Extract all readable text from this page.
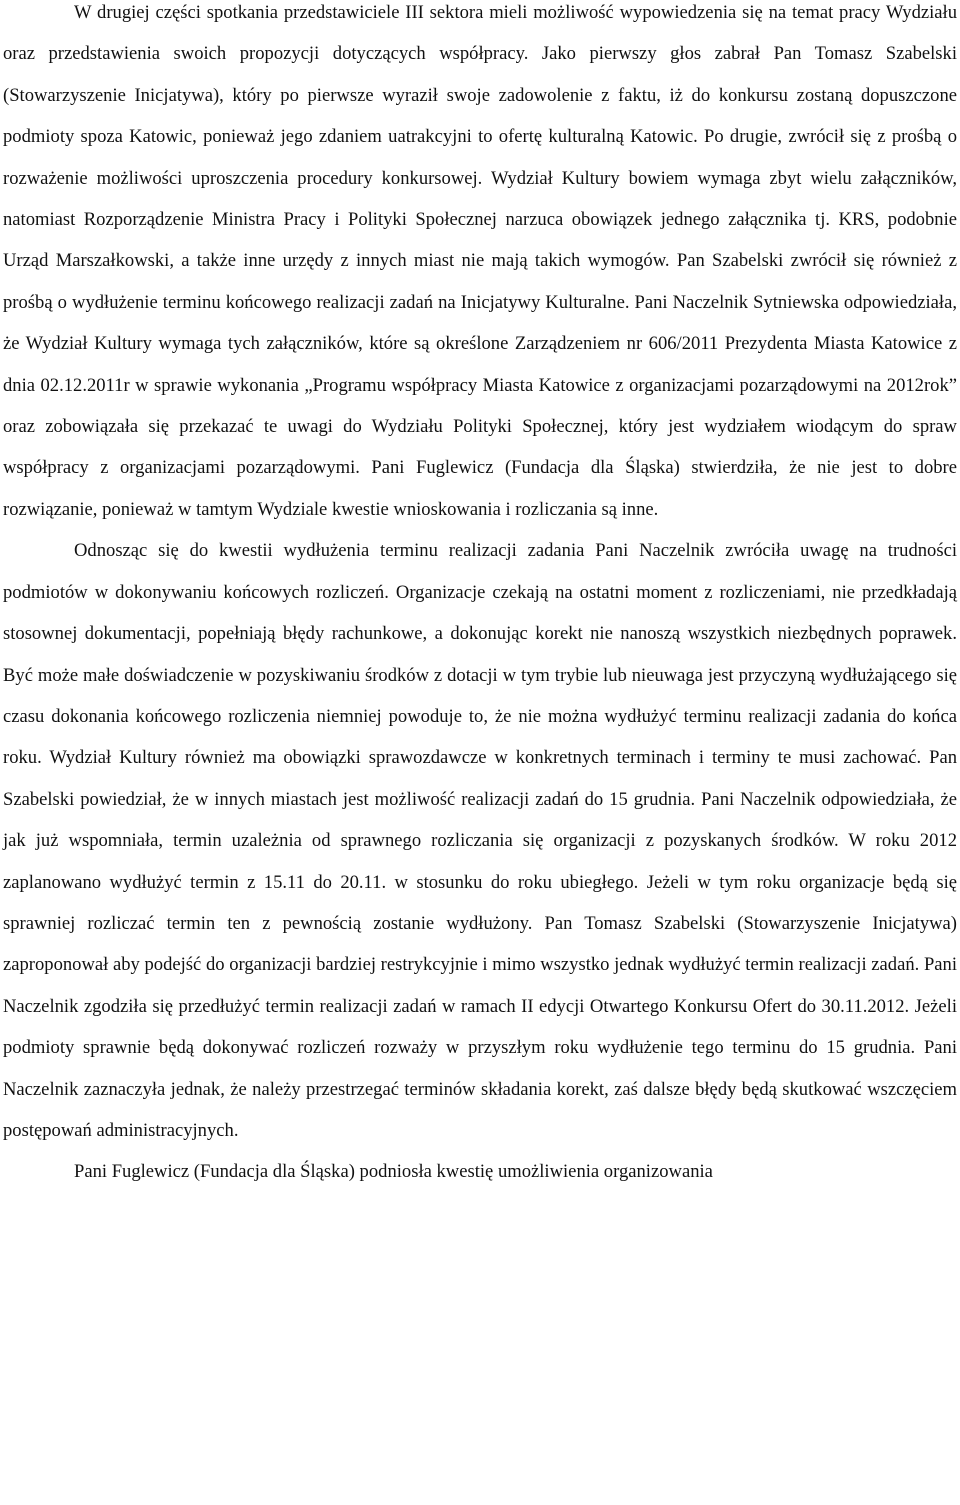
W drugiej części spotkania przedstawiciele III sektora mieli możliwość wypowiedzenia się na temat pracy Wydziału oraz przedstawienia swoich propozycji dotyczących współpracy. Jako pierwszy głos zabrał Pan Tomasz Szabelski (Stowarzyszenie Inicjatywa), który po pierwsze wyraził swoje zadowolenie z faktu, iż do konkursu zostaną dopuszczone podmioty spoza Katowic, ponieważ jego zdaniem uatrakcyjni to ofertę kulturalną Katowic. Po drugie, zwrócił się z prośbą o rozważenie możliwości uproszczenia procedury konkursowej. Wydział Kultury bowiem wymaga zbyt wielu załączników, natomiast Rozporządzenie Ministra Pracy i Polityki Społecznej narzuca obowiązek jednego załącznika tj. KRS, podobnie Urząd Marszałkowski, a także inne urzędy z innych miast nie mają takich wymogów. Pan Szabelski zwrócił się również z prośbą o wydłużenie terminu końcowego realizacji zadań na Inicjatywy Kulturalne. Pani Naczelnik Sytniewska odpowiedziała, że Wydział Kultury wymaga tych załączników, które są określone Zarządzeniem nr 606/2011 Prezydenta Miasta Katowice z dnia 02.12.2011r w sprawie wykonania „Programu współpracy Miasta Katowice z organizacjami pozarządowymi na 2012rok” oraz zobowiązała się przekazać te uwagi do Wydziału Polityki Społecznej, który jest wydziałem wiodącym do spraw współpracy z organizacjami pozarządowymi. Pani Fuglewicz (Fundacja dla Śląska) stwierdziła, że nie jest to dobre rozwiązanie, ponieważ w tamtym Wydziale kwestie wnioskowania i rozliczania są inne.

Odnosząc się do kwestii wydłużenia terminu realizacji zadania Pani Naczelnik zwróciła uwagę na trudności podmiotów w dokonywaniu końcowych rozliczeń. Organizacje czekają na ostatni moment z rozliczeniami, nie przedkładają stosownej dokumentacji, popełniają błędy rachunkowe, a dokonując korekt nie nanoszą wszystkich niezbędnych poprawek. Być może małe doświadczenie w pozyskiwaniu środków z dotacji w tym trybie lub nieuwaga jest przyczyną wydłużającego się czasu dokonania końcowego rozliczenia niemniej powoduje to, że nie można wydłużyć terminu realizacji zadania do końca roku. Wydział Kultury również ma obowiązki sprawozdawcze w konkretnych terminach i terminy te musi zachować. Pan Szabelski powiedział, że w innych miastach jest możliwość realizacji zadań do 15 grudnia. Pani Naczelnik odpowiedziała, że jak już wspomniała, termin uzależnia od sprawnego rozliczania się organizacji z pozyskanych środków. W roku 2012 zaplanowano wydłużyć termin z 15.11 do 20.11. w stosunku do roku ubiegłego. Jeżeli w tym roku organizacje będą się sprawniej rozliczać termin ten z pewnością zostanie wydłużony. Pan Tomasz Szabelski (Stowarzyszenie Inicjatywa) zaproponował aby podejść do organizacji bardziej restrykcyjnie i mimo wszystko jednak wydłużyć termin realizacji zadań. Pani Naczelnik zgodziła się przedłużyć termin realizacji zadań w ramach II edycji Otwartego Konkursu Ofert do 30.11.2012. Jeżeli podmioty sprawnie będą dokonywać rozliczeń rozważy w przyszłym roku wydłużenie tego terminu do 15 grudnia. Pani Naczelnik zaznaczyła jednak, że należy przestrzegać terminów składania korekt, zaś dalsze błędy będą skutkować wszczęciem postępowań administracyjnych.

Pani Fuglewicz (Fundacja dla Śląska) podniosła kwestię umożliwienia organizowania
